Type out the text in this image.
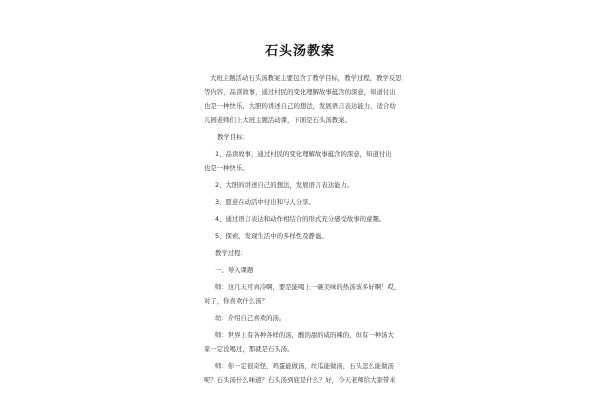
石头汤教案
大班主题活动石头汤教案主要包含了教学目标，教学过程，教学反思
等内容，品读故事，通过村民的变化理解故事蕴含的深意，知道付出
也是一种快乐，大胆的讲述自己的想法，发展语言表达能力，适合幼
儿园老师们上大班主题活动课，下面是石头汤教案。
教学目标：
1、品读故事，通过村民的变化理解故事蕴含的深意，知道付出
也是一种快乐。
2、大胆的讲述自己的想法，发展语言表达能力。
3、愿意在动活中付出和与人分享。
4、通过语言表达和动作相结合的形式充分感受故事的童趣。
5、探索、发现生活中的多样性及静谧。
教学过程：
一、导入课题
师：这几天可真冷啊，要是能喝上一碗美味的热汤该多好啊！哎，
对了，你喜欢什么汤？
幼：介绍自己喜欢的汤。
师：世界上有各种各样的汤，酸的甜的咸的辣的，但有一种汤大
家一定没喝过，那就是石头汤。
师：你一定很奇怪，鸡蛋能做汤，丝瓜能做汤，石头怎么能做汤
呢？石头汤什么味道？石头汤到底是什么？好，今天老师给大家带来
